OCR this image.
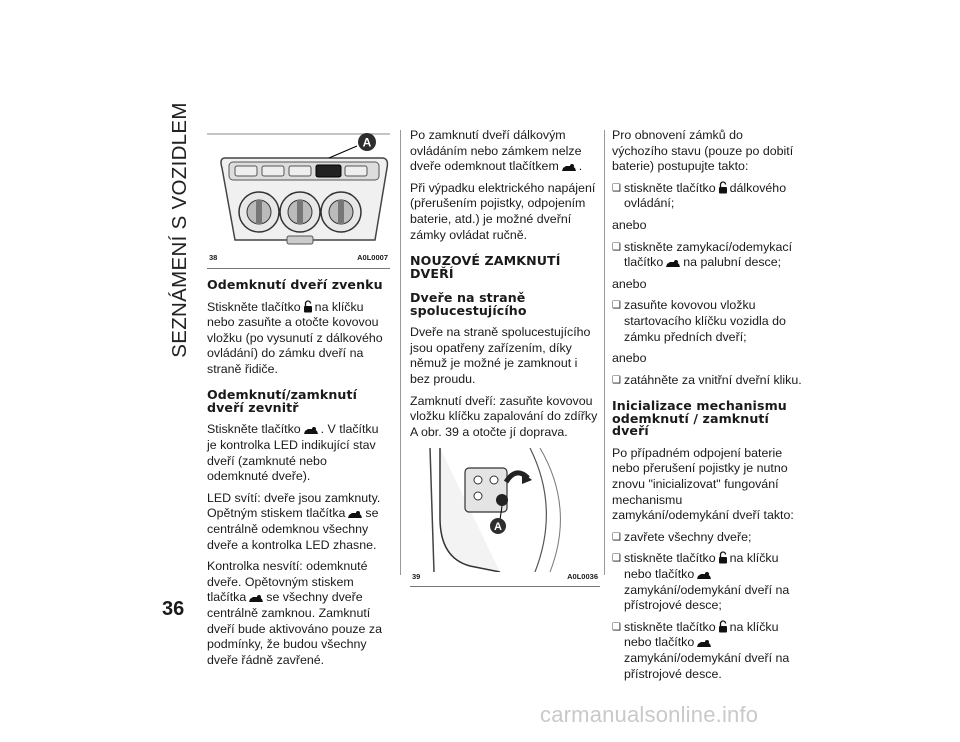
SEZNÁMENÍ S VOZIDLEM
36
A
38	A0L0007
Odemknutí dveří zvenku

Stiskněte tlačítko na klíčku nebo zasuňte a otočte kovovou vložku (po vysunutí z dálkového ovládání) do zámku dveří na straně řidiče.

Odemknutí/zamknutí
dveří zevnitř

Stiskněte tlačítko . V tlačítku je kontrolka LED indikující stav dveří (zamknuté nebo odemknuté dveře).

LED svítí: dveře jsou zamknuty. Opětným stiskem tlačítka se centrálně odemknou všechny dveře a kontrolka LED zhasne.

Kontrolka nesvítí: odemknuté dveře. Opětovným stiskem tlačítka se všechny dveře centrálně zamknou. Zamknutí dveří bude aktivováno pouze za podmínky, že budou všechny dveře řádně zavřené.

Po zamknutí dveří dálkovým ovládáním nebo zámkem nelze dveře odemknout tlačítkem .

Při výpadku elektrického napájení (přerušením pojistky, odpojením baterie, atd.) je možné dveřní zámky ovládat ručně.

NOUZOVÉ ZAMKNUTÍ
DVEŘÍ
Dveře na straně
spolucestujícího

Dveře na straně spolucestujícího jsou opatřeny zařízením, díky němuž je možné je zamknout i bez proudu.

Zamknutí dveří: zasuňte kovovou vložku klíčku zapalování do zdířky A obr. 39 a otočte jí doprava.

A
39	A0L0036

Pro obnovení zámků do výchozího stavu (pouze po dobití baterie) postupujte takto:

❑ stiskněte tlačítko dálkového ovládání;

anebo

❑ stiskněte zamykací/odemykací tlačítko na palubní desce;

anebo

❑ zasuňte kovovou vložku startovacího klíčku vozidla do zámku předních dveří;

anebo

❑ zatáhněte za vnitřní dveřní kliku.

Inicializace mechanismu
odemknutí / zamknutí
dveří

Po případném odpojení baterie nebo přerušení pojistky je nutno znovu "inicializovat" fungování mechanismu zamykání/odemykání dveří takto:

❑ zavřete všechny dveře;

❑ stiskněte tlačítko na klíčku nebo tlačítkozamykání/odemykání dveří na přístrojové desce;

❑ stiskněte tlačítko na klíčku nebo tlačítkozamykání/odemykání dveří na přístrojové desce.

carmanualsonline.info
